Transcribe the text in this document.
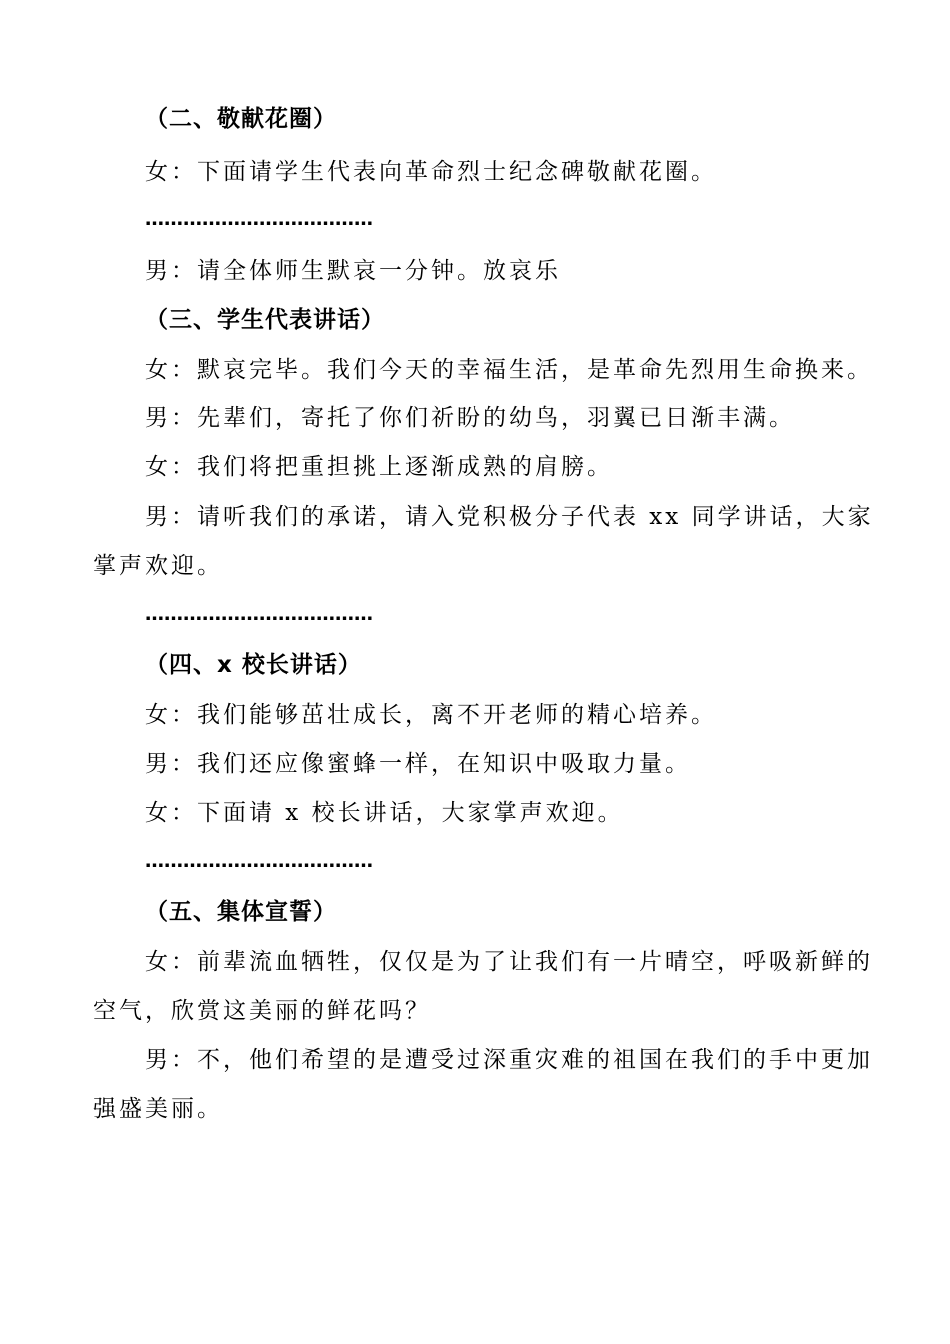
（二、敬献花圈）
女：下面请学生代表向革命烈士纪念碑敬献花圈。
………………………………
男：请全体师生默哀一分钟。放哀乐
（三、学生代表讲话）
女：默哀完毕。我们今天的幸福生活，是革命先烈用生命换来。
男：先辈们，寄托了你们祈盼的幼鸟，羽翼已日渐丰满。
女：我们将把重担挑上逐渐成熟的肩膀。
男：请听我们的承诺，请入党积极分子代表 xx 同学讲话，大家
掌声欢迎。
………………………………
（四、x 校长讲话）
女：我们能够茁壮成长，离不开老师的精心培养。
男：我们还应像蜜蜂一样，在知识中吸取力量。
女：下面请 x 校长讲话，大家掌声欢迎。
………………………………
（五、集体宣誓）
女：前辈流血牺牲，仅仅是为了让我们有一片晴空，呼吸新鲜的
空气，欣赏这美丽的鲜花吗？
男：不，他们希望的是遭受过深重灾难的祖国在我们的手中更加
强盛美丽。
